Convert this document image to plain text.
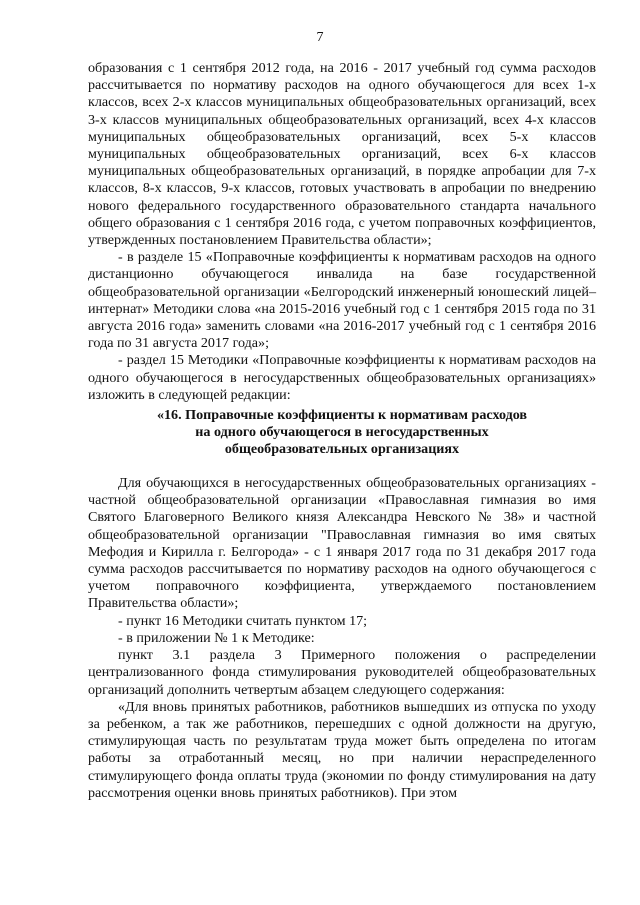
7

образования с 1 сентября 2012 года, на 2016 - 2017 учебный год сумма расходов рассчитывается по нормативу расходов на одного обучающегося для всех 1-х классов, всех 2-х классов муниципальных общеобразовательных организаций, всех 3-х классов муниципальных общеобразовательных организаций, всех 4-х классов муниципальных общеобразовательных организаций, всех 5-х классов муниципальных общеобразовательных организаций, всех 6-х классов муниципальных общеобразовательных организаций, в порядке апробации для 7-х классов, 8-х классов, 9-х классов, готовых участвовать в апробации по внедрению нового федерального государственного образовательного стандарта начального общего образования с 1 сентября 2016 года, с учетом поправочных коэффициентов, утвержденных постановлением Правительства области»;

- в разделе 15 «Поправочные коэффициенты к нормативам расходов на одного дистанционно обучающегося инвалида на базе государственной общеобразовательной организации «Белгородский инженерный юношеский лицей–интернат» Методики слова «на 2015-2016 учебный год с 1 сентября 2015 года по 31 августа 2016 года» заменить словами «на 2016-2017 учебный год с 1 сентября 2016 года по 31 августа 2017 года»;

- раздел 15 Методики «Поправочные коэффициенты к нормативам расходов на одного обучающегося в негосударственных общеобразовательных организациях» изложить в следующей редакции:

«16. Поправочные коэффициенты к нормативам расходов
на одного обучающегося в негосударственных
общеобразовательных организациях

Для обучающихся в негосударственных общеобразовательных организациях - частной общеобразовательной организации «Православная гимназия во имя Святого Благоверного Великого князя Александра Невского № 38» и частной общеобразовательной организации "Православная гимназия во имя святых Мефодия и Кирилла г. Белгорода» - с 1 января 2017 года по 31 декабря 2017 года сумма расходов рассчитывается по нормативу расходов на одного обучающегося с учетом поправочного коэффициента, утверждаемого постановлением Правительства области»;

- пункт 16 Методики считать пунктом 17;

- в приложении № 1 к Методике:

пункт 3.1 раздела 3 Примерного положения о распределении централизованного фонда стимулирования руководителей общеобразовательных организаций дополнить четвертым абзацем следующего содержания:

«Для вновь принятых работников, работников вышедших из отпуска по уходу за ребенком, а так же работников, перешедших с одной должности на другую, стимулирующая часть по результатам труда может быть определена по итогам работы за отработанный месяц, но при наличии нераспределенного стимулирующего фонда оплаты труда (экономии по фонду стимулирования на дату рассмотрения оценки вновь принятых работников). При этом
